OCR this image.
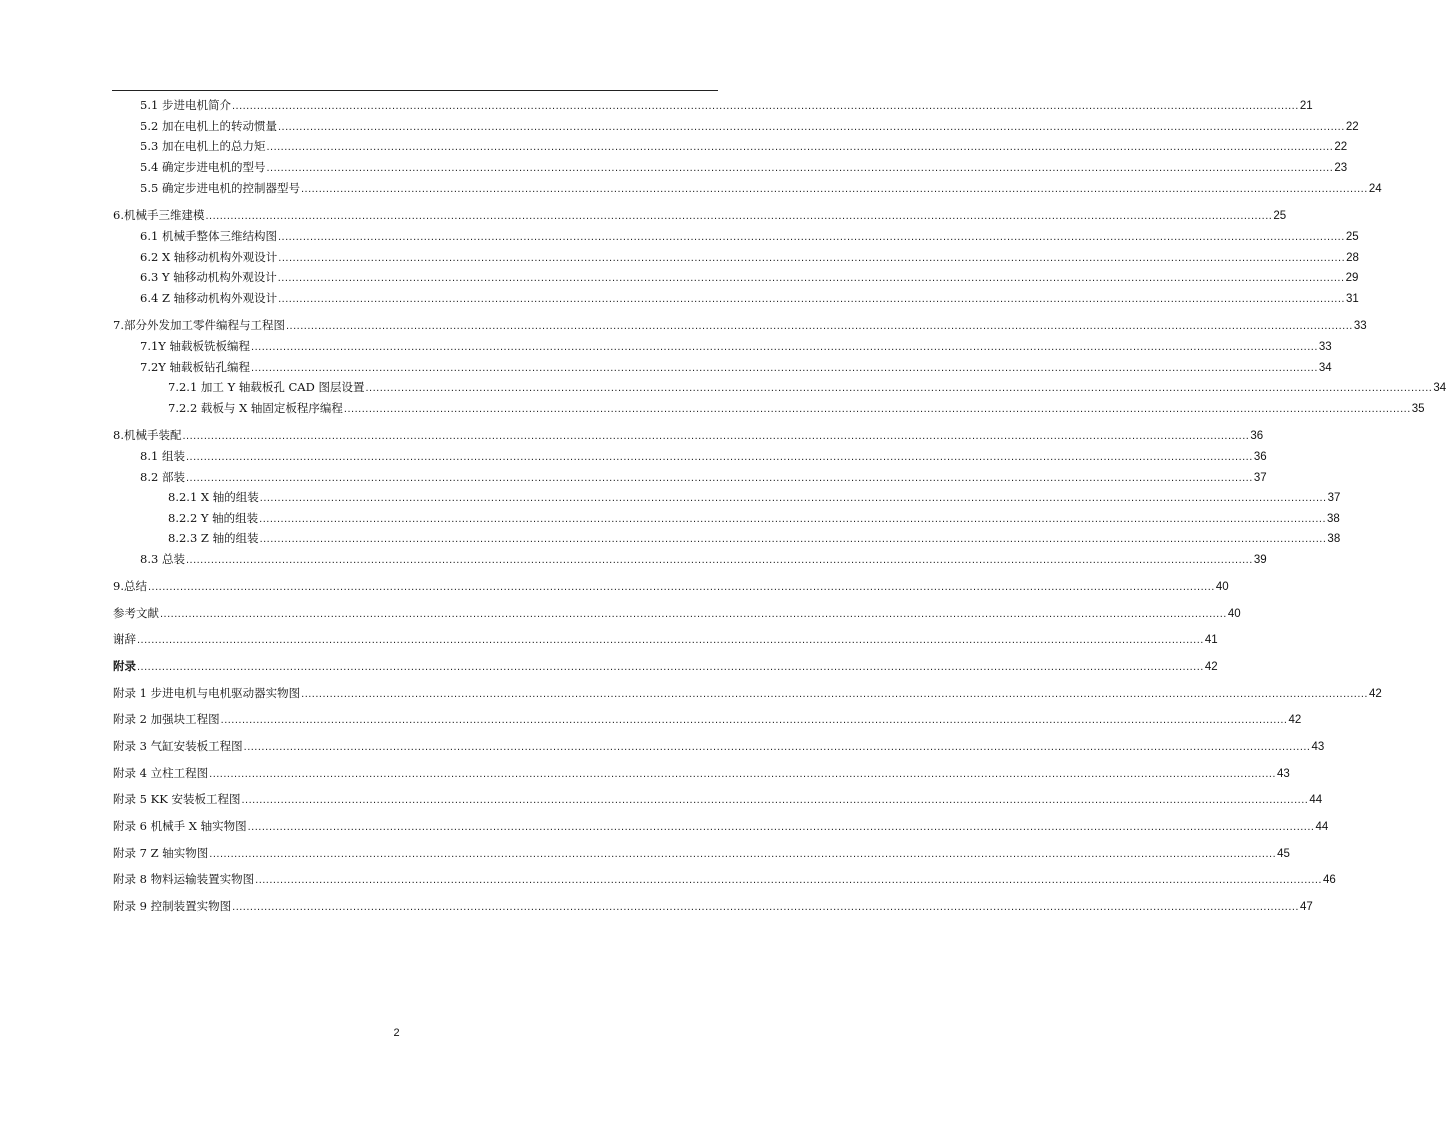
5.1 步进电机简介 ............................................................................................................................................................................................................................................................................................................ 21
5.2 加在电机上的转动惯量 ............................................................................................................................................................................................................................................................................................................ 22
5.3 加在电机上的总力矩 ............................................................................................................................................................................................................................................................................................................ 22
5.4 确定步进电机的型号 ............................................................................................................................................................................................................................................................................................................ 23
5.5 确定步进电机的控制器型号 ............................................................................................................................................................................................................................................................................................................ 24
6.机械手三维建模 ............................................................................................................................................................................................................................................................................................................ 25
6.1 机械手整体三维结构图 ............................................................................................................................................................................................................................................................................................................ 25
6.2 X 轴移动机构外观设计 ............................................................................................................................................................................................................................................................................................................ 28
6.3 Y 轴移动机构外观设计 ............................................................................................................................................................................................................................................................................................................ 29
6.4 Z 轴移动机构外观设计 ............................................................................................................................................................................................................................................................................................................ 31
7.部分外发加工零件编程与工程图 ............................................................................................................................................................................................................................................................................................................ 33
7.1Y 轴载板铣板编程 ............................................................................................................................................................................................................................................................................................................ 33
7.2Y 轴载板钻孔编程 ............................................................................................................................................................................................................................................................................................................ 34
7.2.1 加工 Y 轴载板孔 CAD 图层设置 ............................................................................................................................................................................................................................................................................................................ 34
7.2.2 载板与 X 轴固定板程序编程 ............................................................................................................................................................................................................................................................................................................ 35
8.机械手装配 ............................................................................................................................................................................................................................................................................................................ 36
8.1 组装 ............................................................................................................................................................................................................................................................................................................ 36
8.2 部装 ............................................................................................................................................................................................................................................................................................................ 37
8.2.1 X 轴的组装 ............................................................................................................................................................................................................................................................................................................ 37
8.2.2 Y 轴的组装 ............................................................................................................................................................................................................................................................................................................ 38
8.2.3 Z 轴的组装 ............................................................................................................................................................................................................................................................................................................ 38
8.3 总装 ............................................................................................................................................................................................................................................................................................................ 39
9.总结 ............................................................................................................................................................................................................................................................................................................ 40
参考文献 ............................................................................................................................................................................................................................................................................................................ 40
谢辞 ............................................................................................................................................................................................................................................................................................................ 41
附录 ............................................................................................................................................................................................................................................................................................................ 42
附录 1 步进电机与电机驱动器实物图 ............................................................................................................................................................................................................................................................................................................ 42
附录 2 加强块工程图 ............................................................................................................................................................................................................................................................................................................ 42
附录 3 气缸安装板工程图 ............................................................................................................................................................................................................................................................................................................ 43
附录 4 立柱工程图 ............................................................................................................................................................................................................................................................................................................ 43
附录 5 KK 安装板工程图 ............................................................................................................................................................................................................................................................................................................ 44
附录 6 机械手 X 轴实物图 ............................................................................................................................................................................................................................................................................................................ 44
附录 7 Z 轴实物图 ............................................................................................................................................................................................................................................................................................................ 45
附录 8 物料运输装置实物图 ............................................................................................................................................................................................................................................................................................................ 46
附录 9 控制装置实物图 ............................................................................................................................................................................................................................................................................................................ 47
2
